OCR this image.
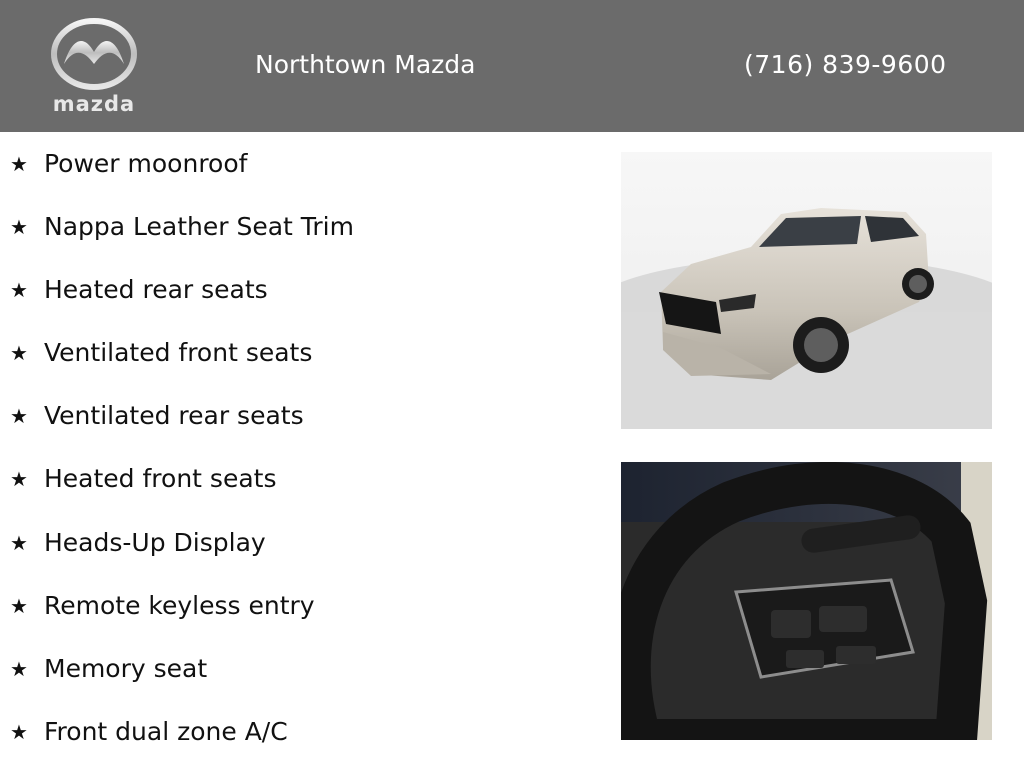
mazda
Northtown Mazda	(716) 839-9600
★ Power moonroof
★ Nappa Leather Seat Trim
★ Heated rear seats
★ Ventilated front seats
★ Ventilated rear seats
★ Heated front seats
★ Heads-Up Display
★ Remote keyless entry
★ Memory seat
★ Front dual zone A/C
